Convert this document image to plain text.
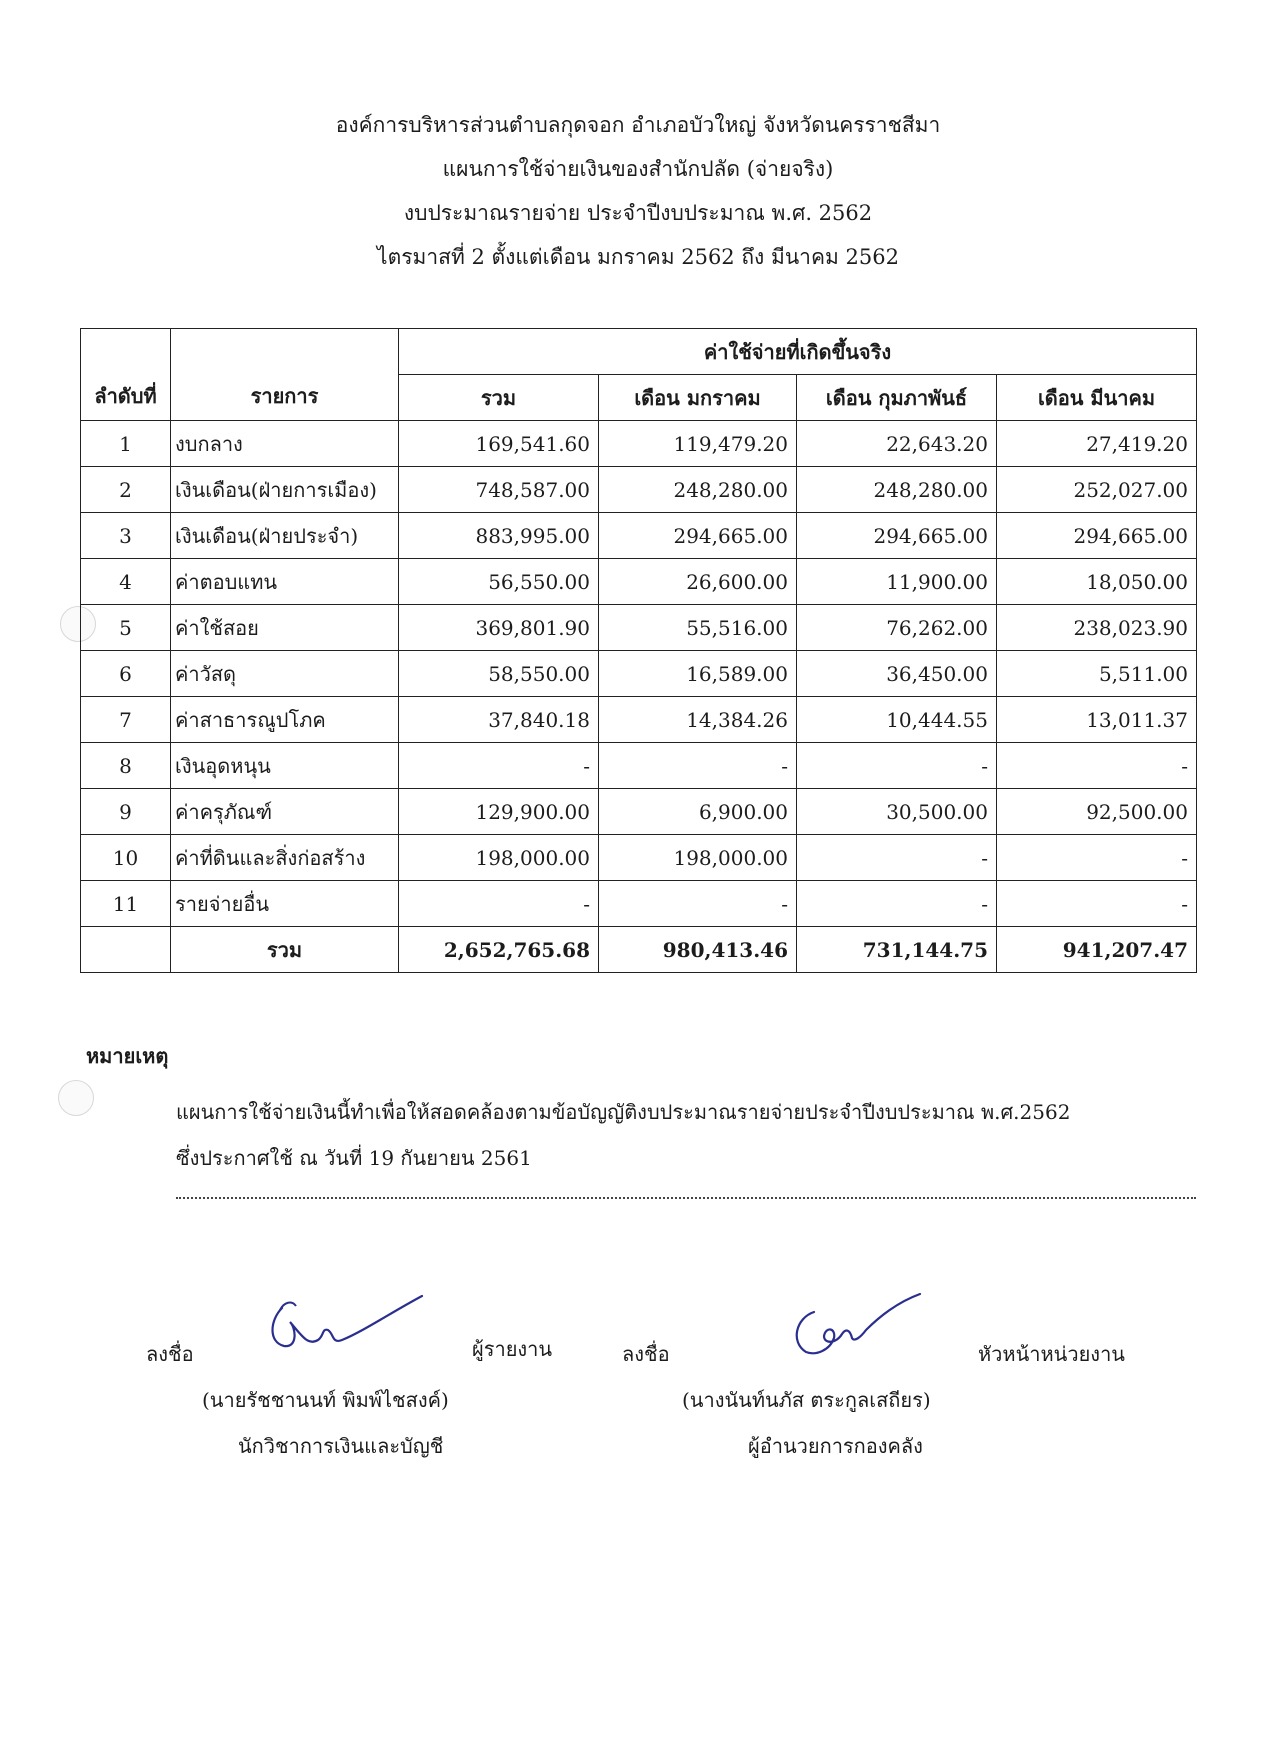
องค์การบริหารส่วนตำบลกุดจอก อำเภอบัวใหญ่ จังหวัดนครราชสีมา
แผนการใช้จ่ายเงินของสำนักปลัด (จ่ายจริง)
งบประมาณรายจ่าย ประจำปีงบประมาณ พ.ศ. 2562
ไตรมาสที่ 2 ตั้งแต่เดือน มกราคม 2562 ถึง มีนาคม 2562
ลำดับที่	รายการ	ค่าใช้จ่ายที่เกิดขึ้นจริง			
		รวม	เดือน มกราคม	เดือน กุมภาพันธ์	เดือน มีนาคม
1	งบกลาง	169,541.60	119,479.20	22,643.20	27,419.20
2	เงินเดือน(ฝ่ายการเมือง)	748,587.00	248,280.00	248,280.00	252,027.00
3	เงินเดือน(ฝ่ายประจำ)	883,995.00	294,665.00	294,665.00	294,665.00
4	ค่าตอบแทน	56,550.00	26,600.00	11,900.00	18,050.00
5	ค่าใช้สอย	369,801.90	55,516.00	76,262.00	238,023.90
6	ค่าวัสดุ	58,550.00	16,589.00	36,450.00	5,511.00
7	ค่าสาธารณูปโภค	37,840.18	14,384.26	10,444.55	13,011.37
8	เงินอุดหนุน	-	-	-	-
9	ค่าครุภัณฑ์	129,900.00	6,900.00	30,500.00	92,500.00
10	ค่าที่ดินและสิ่งก่อสร้าง	198,000.00	198,000.00	-	-
11	รายจ่ายอื่น	-	-	-	-
	รวม	2,652,765.68	980,413.46	731,144.75	941,207.47
หมายเหตุ
แผนการใช้จ่ายเงินนี้ทำเพื่อให้สอดคล้องตามข้อบัญญัติงบประมาณรายจ่ายประจำปีงบประมาณ พ.ศ.2562
ซึ่งประกาศใช้ ณ วันที่ 19 กันยายน 2561
ลงชื่อ	ผู้รายงาน
(นายรัชชานนท์ พิมพ์ไชสงค์)
นักวิชาการเงินและบัญชี
ลงชื่อ	หัวหน้าหน่วยงาน
(นางนันท์นภัส ตระกูลเสถียร)
ผู้อำนวยการกองคลัง
